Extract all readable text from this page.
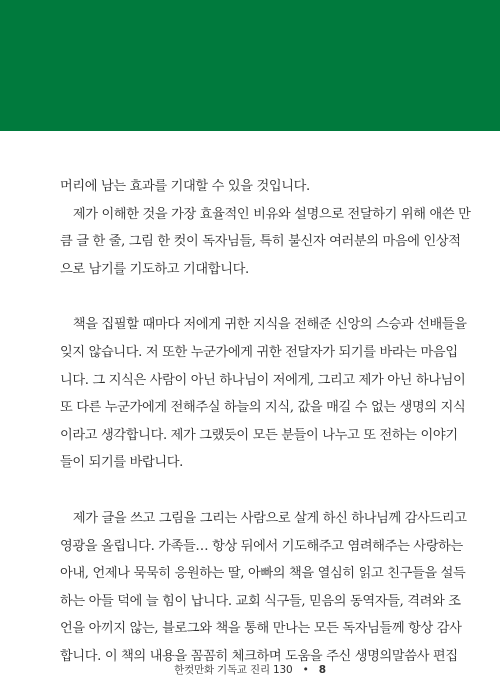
머리에 남는 효과를 기대할 수 있을 것입니다.
　제가 이해한 것을 가장 효율적인 비유와 설명으로 전달하기 위해 애쓴 만
큼 글 한 줄, 그림 한 컷이 독자님들, 특히 불신자 여러분의 마음에 인상적
으로 남기를 기도하고 기대합니다.

　책을 집필할 때마다 저에게 귀한 지식을 전해준 신앙의 스승과 선배들을
잊지 않습니다. 저 또한 누군가에게 귀한 전달자가 되기를 바라는 마음입
니다. 그 지식은 사람이 아닌 하나님이 저에게, 그리고 제가 아닌 하나님이
또 다른 누군가에게 전해주실 하늘의 지식, 값을 매길 수 없는 생명의 지식
이라고 생각합니다. 제가 그랬듯이 모든 분들이 나누고 또 전하는 이야기
들이 되기를 바랍니다.

　제가 글을 쓰고 그림을 그리는 사람으로 살게 하신 하나님께 감사드리고
영광을 올립니다. 가족들… 항상 뒤에서 기도해주고 염려해주는 사랑하는
아내, 언제나 묵묵히 응원하는 딸, 아빠의 책을 열심히 읽고 친구들을 설득
하는 아들 덕에 늘 힘이 납니다. 교회 식구들, 믿음의 동역자들, 격려와 조
언을 아끼지 않는, 블로그와 책을 통해 만나는 모든 독자님들께 항상 감사
합니다. 이 책의 내용을 꼼꼼히 체크하며 도움을 주신 생명의말씀사 편집

한컷만화 기독교 진리 130 • 8
